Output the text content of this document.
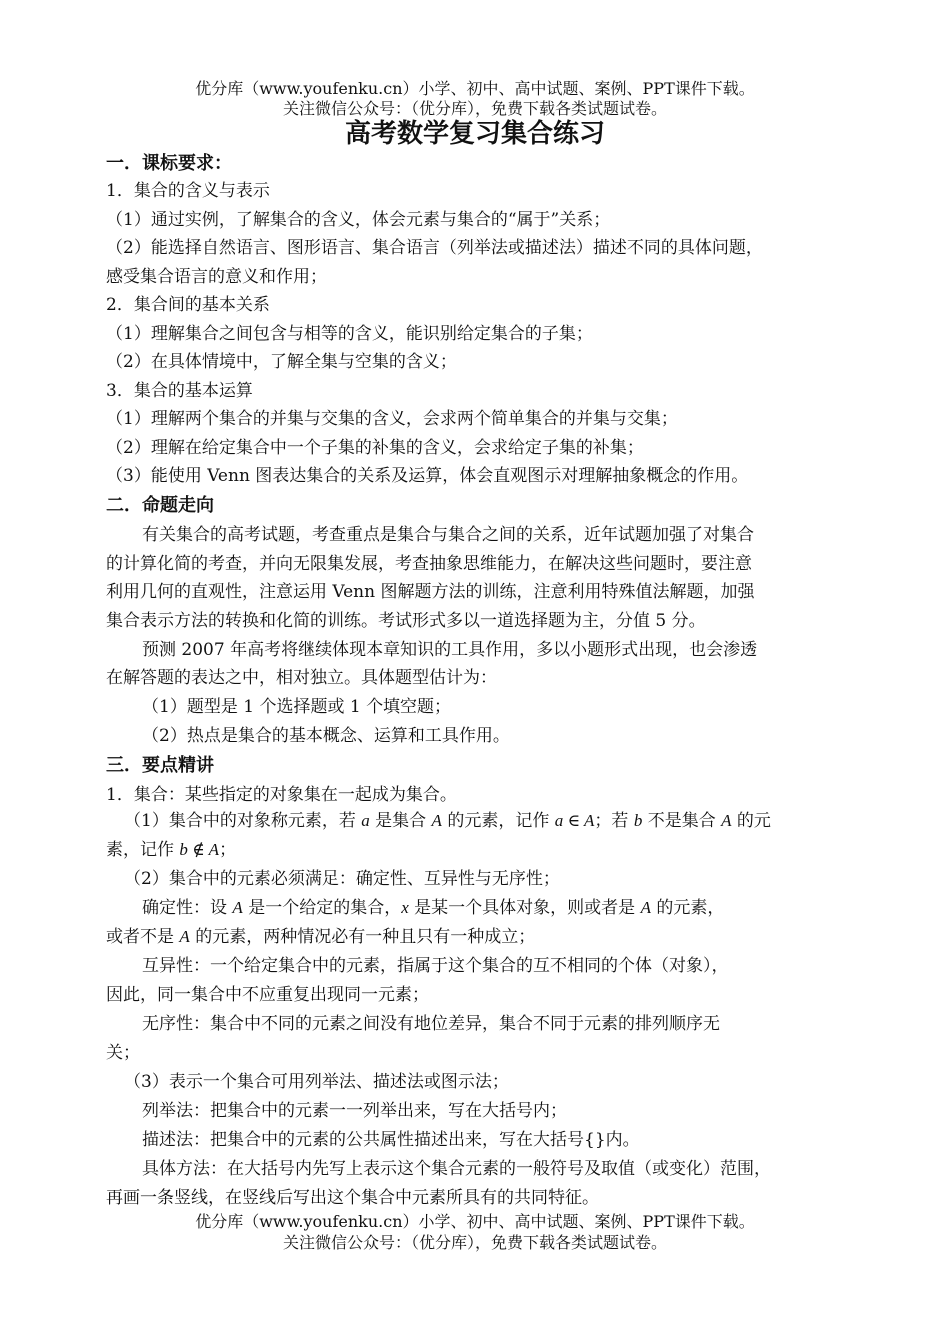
优分库（www.youfenku.cn）小学、初中、高中试题、案例、PPT课件下载。
关注微信公众号：（优分库），免费下载各类试题试卷。
高考数学复习集合练习
一．课标要求：
1．集合的含义与表示
（1）通过实例，了解集合的含义，体会元素与集合的“属于”关系；
（2）能选择自然语言、图形语言、集合语言（列举法或描述法）描述不同的具体问题，
感受集合语言的意义和作用；
2．集合间的基本关系
（1）理解集合之间包含与相等的含义，能识别给定集合的子集；
（2）在具体情境中，了解全集与空集的含义；
3．集合的基本运算
（1）理解两个集合的并集与交集的含义，会求两个简单集合的并集与交集；
（2）理解在给定集合中一个子集的补集的含义，会求给定子集的补集；
（3）能使用 Venn 图表达集合的关系及运算，体会直观图示对理解抽象概念的作用。
二．命题走向
有关集合的高考试题，考查重点是集合与集合之间的关系，近年试题加强了对集合
的计算化简的考查，并向无限集发展，考查抽象思维能力，在解决这些问题时，要注意
利用几何的直观性，注意运用 Venn 图解题方法的训练，注意利用特殊值法解题，加强
集合表示方法的转换和化简的训练。考试形式多以一道选择题为主，分值 5 分。
预测 2007 年高考将继续体现本章知识的工具作用，多以小题形式出现，也会渗透
在解答题的表达之中，相对独立。具体题型估计为：
（1）题型是 1 个选择题或 1 个填空题；
（2）热点是集合的基本概念、运算和工具作用。
三．要点精讲
1．集合：某些指定的对象集在一起成为集合。
（1）集合中的对象称元素，若 a 是集合 A 的元素，记作 a ∈ A；若 b 不是集合 A 的元
素，记作 b ∉ A；
（2）集合中的元素必须满足：确定性、互异性与无序性；
确定性：设 A 是一个给定的集合，x 是某一个具体对象，则或者是 A 的元素，
或者不是 A 的元素，两种情况必有一种且只有一种成立；
互异性：一个给定集合中的元素，指属于这个集合的互不相同的个体（对象），
因此，同一集合中不应重复出现同一元素；
无序性：集合中不同的元素之间没有地位差异，集合不同于元素的排列顺序无
关；
（3）表示一个集合可用列举法、描述法或图示法；
列举法：把集合中的元素一一列举出来，写在大括号内；
描述法：把集合中的元素的公共属性描述出来，写在大括号{}内。
具体方法：在大括号内先写上表示这个集合元素的一般符号及取值（或变化）范围，
再画一条竖线，在竖线后写出这个集合中元素所具有的共同特征。
优分库（www.youfenku.cn）小学、初中、高中试题、案例、PPT课件下载。
关注微信公众号：（优分库），免费下载各类试题试卷。
